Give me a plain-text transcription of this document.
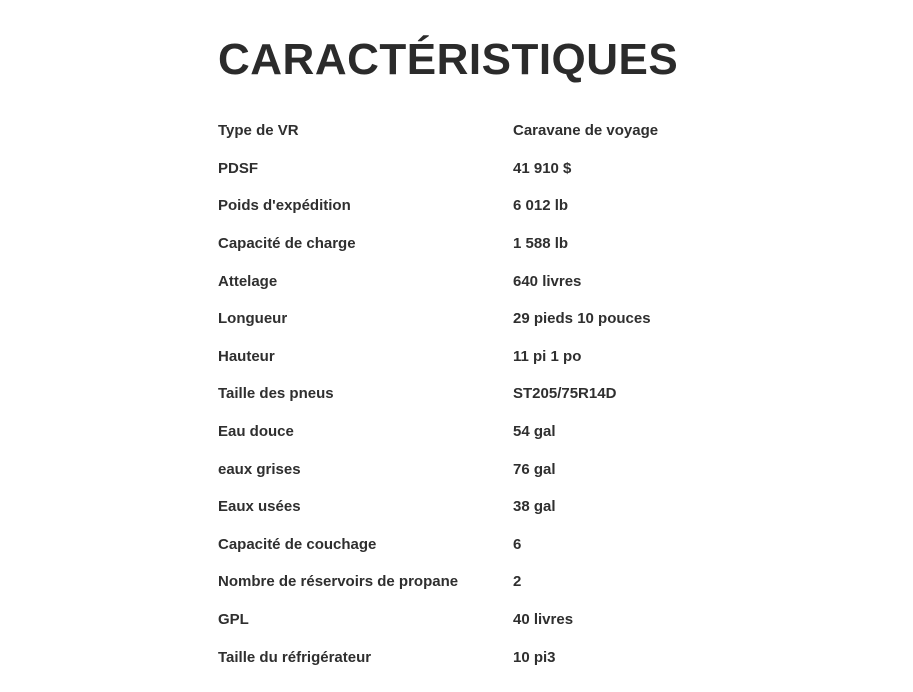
CARACTÉRISTIQUES
Type de VR	Caravane de voyage
PDSF	41 910 $
Poids d'expédition	6 012 lb
Capacité de charge	1 588 lb
Attelage	640 livres
Longueur	29 pieds 10 pouces
Hauteur	11 pi 1 po
Taille des pneus	ST205/75R14D
Eau douce	54 gal
eaux grises	76 gal
Eaux usées	38 gal
Capacité de couchage	6
Nombre de réservoirs de propane	2
GPL	40 livres
Taille du réfrigérateur	10 pi3
